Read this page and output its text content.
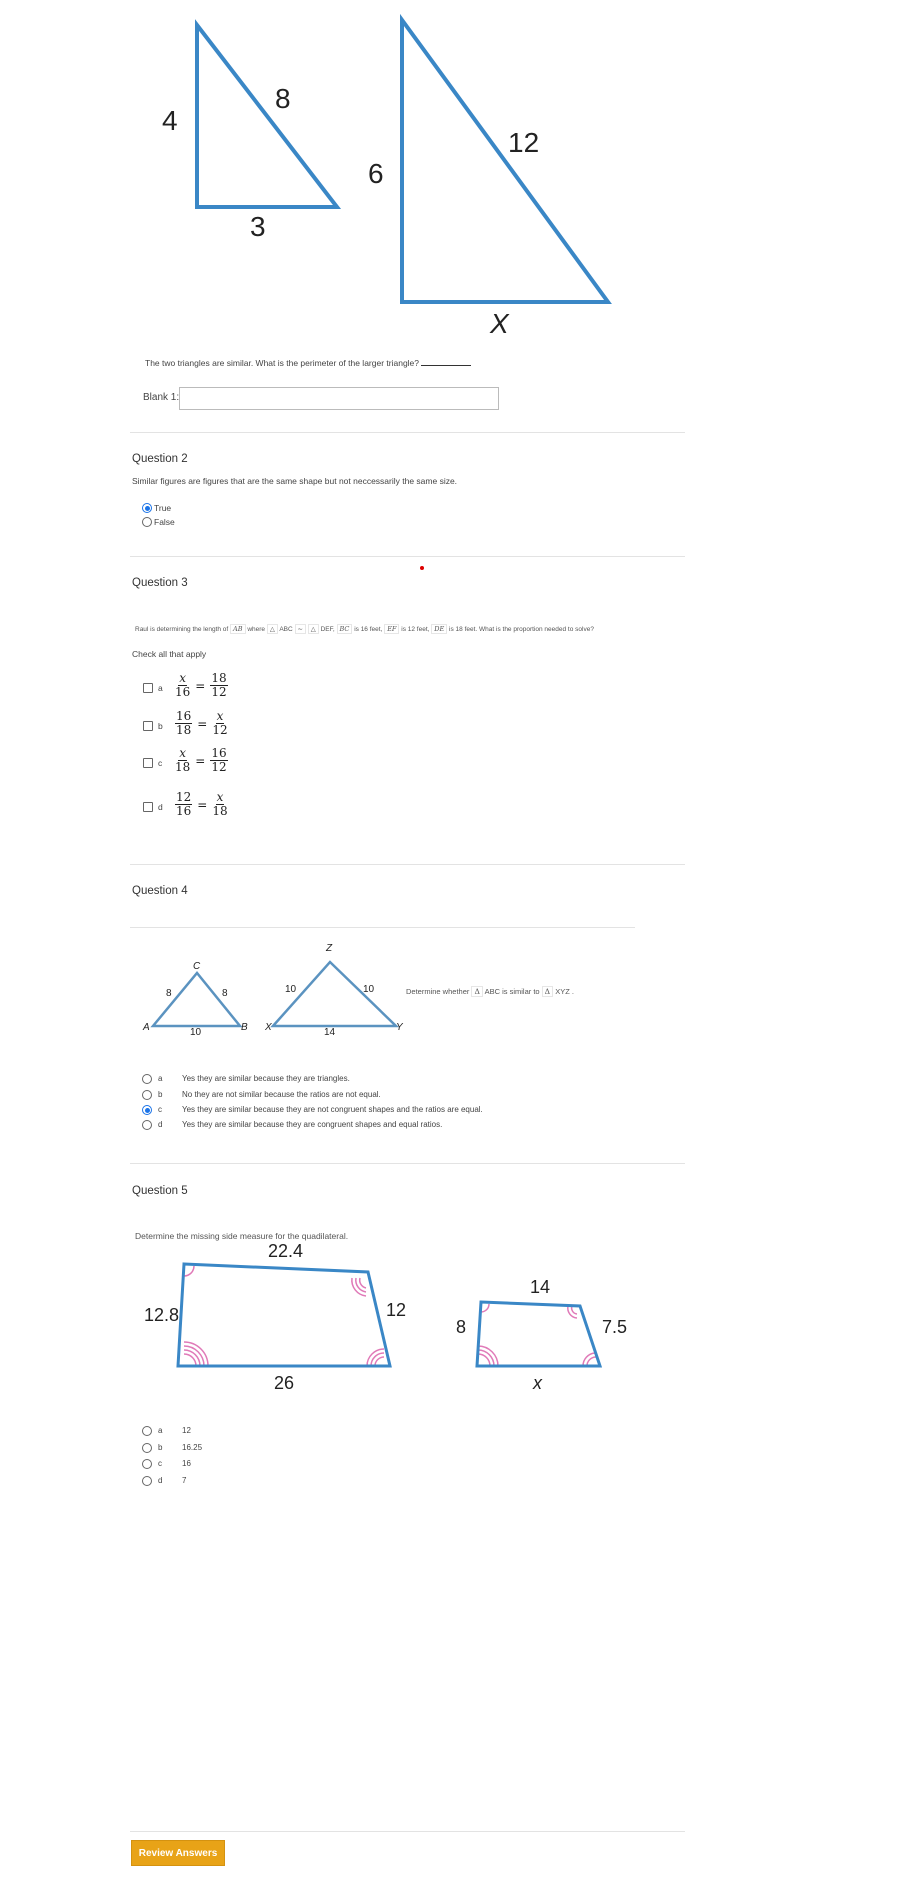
4
8
3
6
12
X
The two triangles are similar. What is the perimeter of the larger triangle?
Blank 1:
Question 2
Similar figures are figures that are the same shape but not neccessarily the same size.
True
False
Question 3
Raul is determining the length of AB where △ ABC ~ △ DEF, BC is 16 feet, EF is 12 feet, DE is 18 feet. What is the proportion needed to solve?
Check all that apply
Question 4
A
C
B X
Z
Y
8	8
10
10	10
14
Determine whether Δ ABC is similar to Δ XYZ .
Question 5
Determine the missing side measure for the quadilateral.
22.4
12.8	12
26
14
8	7.5
x
Review Answers
a $\frac{x}{16} = \frac{18}{12}$
b $\frac{16}{18} = \frac{x}{12}$
c $\frac{x}{18} = \frac{16}{12}$
d $\frac{12}{16} = \frac{x}{18}$
a Yes they are similar because they are triangles.
b No they are not similar because the ratios are not equal.
c	Yes they are similar because they are not congruent shapes and the ratios are equal.
d Yes they are similar because they are congruent shapes and equal ratios.
a 12
b 16.25
c	16
d 7
